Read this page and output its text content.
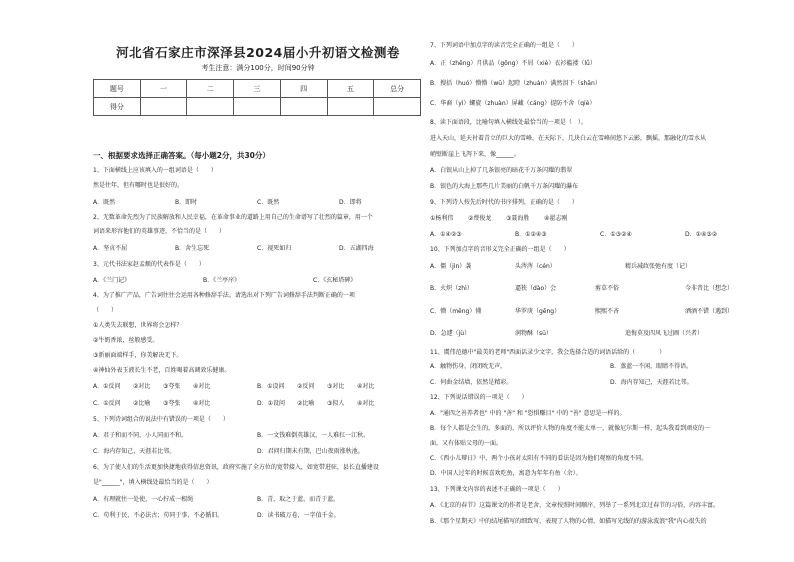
河北省石家庄市深泽县2024届小升初语文检测卷
考生注意：满分100分，时间90分钟
题号	一	二	三	四	五	总分
得分						
一、根据要求选择正确答案。（每小题2分，共30分）
1、下面横线上应该填入的一组词语是（　　）
然是往年，但有哪时也是很好的。
A．既然	B．即时	C．既然	D．即将
2、无数革命先烈为了民族解放和人民幸福，在革命事业的道路上用自己的生命谱写了壮烈的篇章，用一个
词语来形容他们的英雄事迹，不恰当的是（　　）
A．坚贞不屈	B．舍生忘死	C．视死如归	D．五湖四海
3、元代书法家赵孟頫的代表作是（　　）
A．《兰门记》	B．《兰亭序》	C．《玄秘塔碑》
4、为了推广产品，广告词往往会运用各种修辞手法。请选出对下列广告词修辞手法判断正确的一项
（　　）
①人类失去联想，世界将会怎样？
②牛奶香浓，丝般感受。
③新丽面端样手，你美解决无下。
④神仙外表玉液长生不老，百姓喝着高调效乐健康。
A．①反问 ②对比 ③夸张 ④对比	B．①设问 ②反问 ③对比 ④对比
C．①反问 ②比喻 ③夸张 ④对比	D．①设问 ②比喻 ③拟人 ④对比
5、下列诗词组合的说法中有错误的一项是（　　）
A．君子和而不同，小人同而不和。	B．一文钱难倒英雄汉，一人难扛一江秋。
C．海内存知己，天涯若比邻。	D．君问归期未有期，巴山夜雨涨秋池。
6、为了使人们的生活更加快捷地获得信息资讯，政府实施了全方位的宽带接入，如宽带进驻，县长直播建设
是"______"，填入横线处最恰当的是（　　）
A．有理就往一处使，一心拧成一根绳	B．青，取之于蓝，而青于蓝。
C．苟利于民，不必法古；苟同于事，不必循旧。	D．读书破万卷，一字值千金。
7、下列词语中加点字的读音完全正确的一组是（　　）
A．正（zhēng）月供品（gōng）不屑（xiè）衣衫褴褛（lǚ）
B．搜括（huó）懵懵（wū）起瞪（zhuàn）满然泪下（shān）
C．华裔（yì）螺旋（zhuàn）屏藏（cáng）提防不舍（qiè）
8、读下面语段，比喻句填入横线处最恰当的一项是（　）。
进入天山，延天衬着青立的巨大的雪峰，在天际下，几块白云在雪峰间悠下云影，飘摇，那融化的雪水从
峭壁断崖上飞泻下来，像______。
A．白银从山上掉了几条银亮的暗花千万条闪耀的翡翠
B．银色的大海上那些几片美丽的白帆千万条闪耀的瀑布
9、下列诗人按先后时代的书序排列，正确的是（　　）
①杨利伟 ②费俊龙 ③聂海胜 ④翟志刚
A．①④②③	B．①②④③	C．①③②④	D．①④③②
10、下列加点字的音形义完全正确的一组是（　　）
A．僵（jìn）袭	头涔涔（cén）	精兵减政张弛有度（记）
B．火炽（zhì）	逼狭（dào）会	剪草不俗	今非昔比（想念）
C．懵（měng）懂	华罗庚（gēng）	熙熙不吝	洒酒不错（遇到）
D．急遽（jù）	润物酥（sū）	追悔莫及四风飞过圃（兴者）
11、虞伟范德中"最美的老师"西面话录少文字，我会选择合适的词语话给的（　　　　）
A．触物伤身，闭闭吮无声。	B．蒸蓝一不闲，眼睛不得语。
C．何曲金结墙，依然是精彩。	D．海内存知己，天涯若比邻。
12、下列说话错误的一项是（　　）
A．"通四之善养者也" 中的 "善" 和 "恐惧赚目" 中的 "善" 意思是一样的。
B．每个人都是会生的，多面的，所以评价人物的角度不能太单一，就像尼尔斯一样，起头我看到顽皮的一
面，又有体贴父母的一面。
C．《西小儿辩日》中，两个小孩对太阳有不同的看法是因为他们观察的角度不同。
D．中国人过年的时候喜欢吃鱼，寓意为年年有鱼（余）。
13、下列课文内容的表述不正确的一项是（　　）
A．《北京的春节》这篇课文的作者是老舍，文章按照时间顺序，列举了一系列北京过春节的习俗，内容丰富。
B．《那个星期天》中的结尾描写的细致写，表现了人物的心情，如描写光线的的游泳波浪"我"内心很失的
